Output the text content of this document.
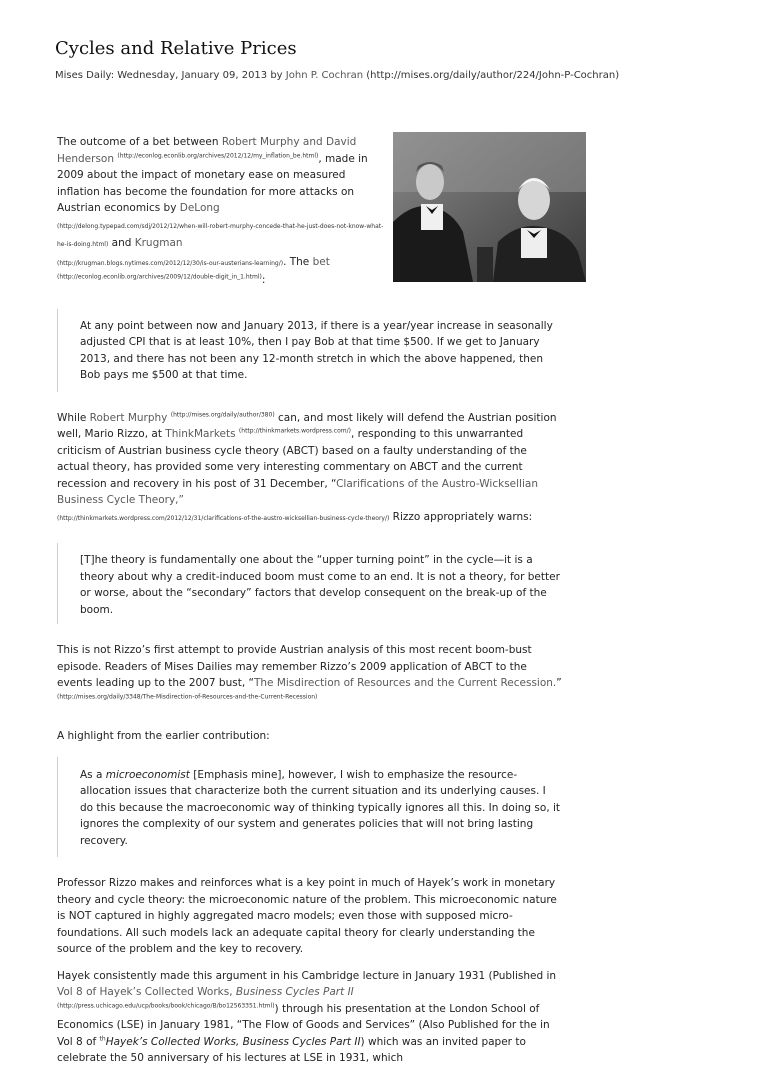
Cycles and Relative Prices
Mises Daily: Wednesday, January 09, 2013 by John P. Cochran (http://mises.org/daily/author/224/John-P-Cochran)

The outcome of a bet between Robert Murphy and David Henderson $^{(http://econlog.econlib.org/archives/2012/12/my\_inflation\_be.html)}$, made in 2009 about the impact of monetary ease on measured inflation has become the foundation for more attacks on Austrian economics by DeLong
(http://delong.typepad.com/sdj/2012/12/when-will-robert-murphy-concede-that-he-just-does-not-know-what-he-is-doing.html) and Krugman
(http://krugman.blogs.nytimes.com/2012/12/30/is-our-austerians-learning/). The bet $^{(http://econlog.econlib.org/archives/2009/12/double-digit\_in\_1.html)}$:

At any point between now and January 2013, if there is a year/year increase in seasonally adjusted CPI that is at least 10%, then I pay Bob at that time $500. If we get to January 2013, and there has not been any 12-month stretch in which the above happened, then Bob pays me $500 at that time.

While Robert Murphy $^{(http://mises.org/daily/author/380)}$ can, and most likely will defend the Austrian position well, Mario Rizzo, at ThinkMarkets $^{(http://thinkmarkets.wordpress.com/)}$, responding to this unwarranted criticism of Austrian business cycle theory (ABCT) based on a faulty understanding of the actual theory, has provided some very interesting commentary on ABCT and the current recession and recovery in his post of 31 December, “Clarifications of the Austro-Wicksellian Business Cycle Theory,”
(http://thinkmarkets.wordpress.com/2012/12/31/clarifications-of-the-austro-wicksellian-business-cycle-theory/) Rizzo appropriately warns:

[T]he theory is fundamentally one about the “upper turning point” in the cycle—it is a theory about why a credit-induced boom must come to an end. It is not a theory, for better or worse, about the “secondary” factors that develop consequent on the break-up of the boom.

This is not Rizzo’s first attempt to provide Austrian analysis of this most recent boom-bust episode. Readers of Mises Dailies may remember Rizzo’s 2009 application of ABCT to the events leading up to the 2007 bust, “The Misdirection of Resources and the Current Recession.” $^{(http://mises.org/daily/3348/The-Misdirection-of-Resources-and-the-Current-Recession)}$

A highlight from the earlier contribution:

As a microeconomist [Emphasis mine], however, I wish to emphasize the resource-allocation issues that characterize both the current situation and its underlying causes. I do this because the macroeconomic way of thinking typically ignores all this. In doing so, it ignores the complexity of our system and generates policies that will not bring lasting recovery.

Professor Rizzo makes and reinforces what is a key point in much of Hayek’s work in monetary theory and cycle theory: the microeconomic nature of the problem. This microeconomic nature is NOT captured in highly aggregated macro models; even those with supposed micro-foundations. All such models lack an adequate capital theory for clearly understanding the source of the problem and the key to recovery.

Hayek consistently made this argument in his Cambridge lecture in January 1931 (Published in Vol 8 of Hayek’s Collected Works, Business Cycles Part II $^{(http://press.uchicago.edu/ucp/books/book/chicago/B/bo12563351.html)}$) through his presentation at the London School of Economics (LSE) in January 1981, “The Flow of Goods and Services” (Also Published for the in Vol 8 of $^{th}$Hayek’s Collected Works, Business Cycles Part II) which was an invited paper to celebrate the 50 anniversary of his lectures at LSE in 1931, which
